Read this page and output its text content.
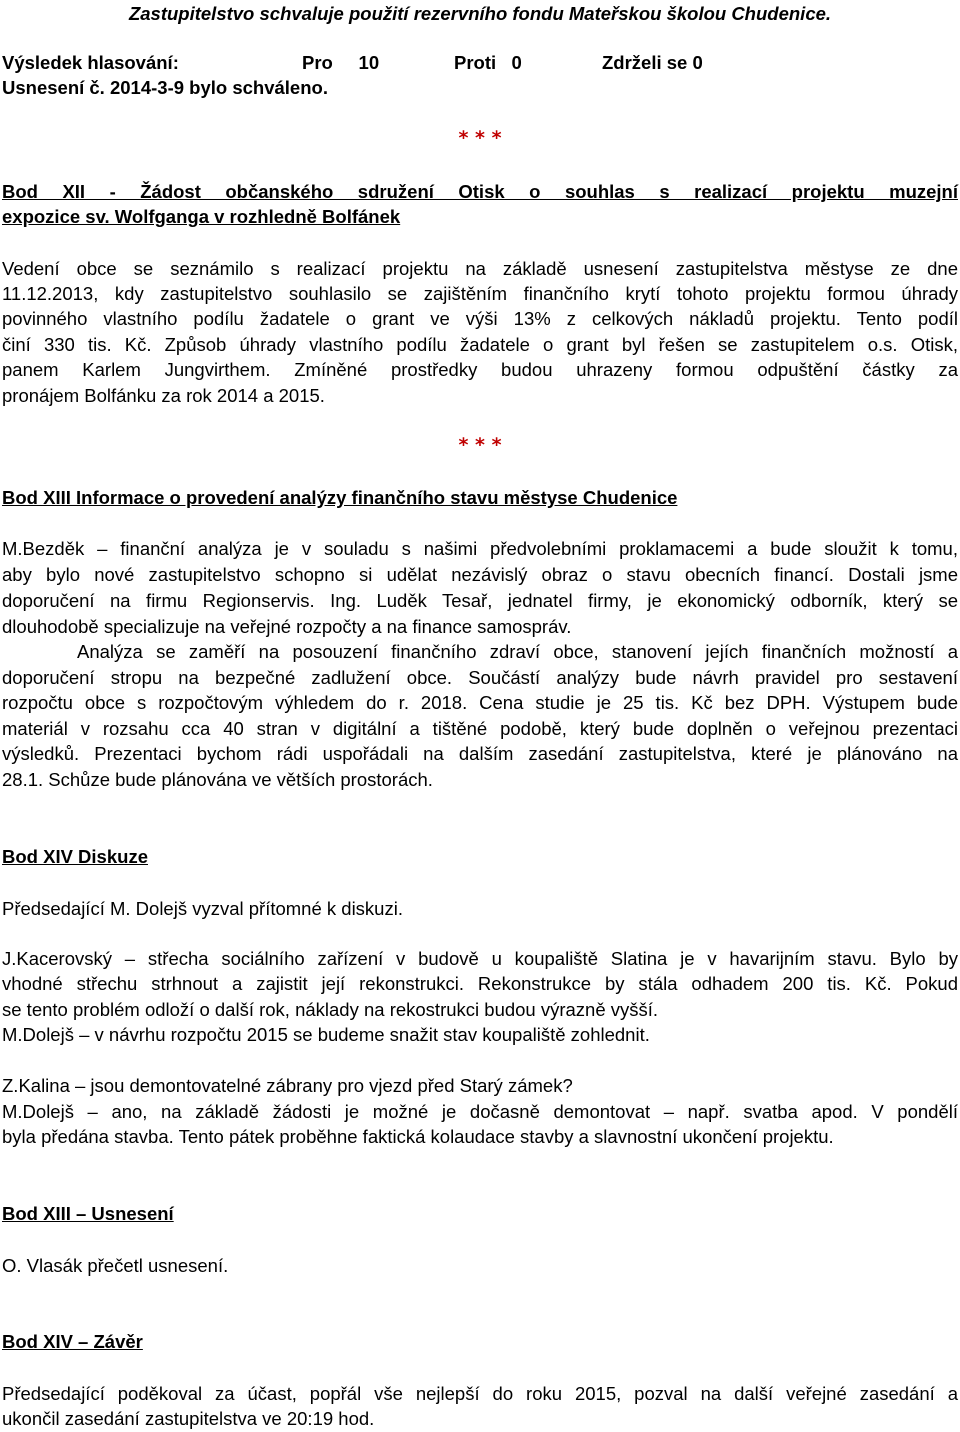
Zastupitelstvo schvaluje použití rezervního fondu Mateřskou školou Chudenice.
Výsledek hlasování:	Pro     10	Proti   0	Zdrželi se 0
Usnesení č. 2014-3-9 bylo schváleno.
* * *
Bod XII - Žádost občanského sdružení Otisk o souhlas s realizací projektu muzejní
expozice sv. Wolfganga v rozhledně Bolfánek
Vedení obce se seznámilo s realizací projektu na základě usnesení zastupitelstva městyse ze dne
11.12.2013, kdy zastupitelstvo souhlasilo se zajištěním finančního krytí tohoto projektu formou úhrady
povinného vlastního podílu žadatele o grant ve výši 13% z celkových nákladů projektu. Tento podíl
činí 330 tis. Kč. Způsob úhrady vlastního podílu žadatele o grant byl řešen se zastupitelem o.s. Otisk,
panem Karlem Jungvirthem. Zmíněné prostředky budou uhrazeny formou odpuštění částky za
pronájem Bolfánku za rok 2014 a 2015.
* * *
Bod XIII Informace o provedení analýzy finančního stavu městyse Chudenice
M.Bezděk – finanční analýza je v souladu s našimi předvolebními proklamacemi a bude sloužit k tomu,
aby bylo nové zastupitelstvo schopno si udělat nezávislý obraz o stavu obecních financí. Dostali jsme
doporučení na firmu Regionservis. Ing. Luděk Tesař, jednatel firmy, je ekonomický odborník, který se
dlouhodobě specializuje na veřejné rozpočty a na finance samospráv.
Analýza se zaměří na posouzení finančního zdraví obce, stanovení jejích finančních možností a
doporučení stropu na bezpečné zadlužení obce. Součástí analýzy bude návrh pravidel pro sestavení
rozpočtu obce s rozpočtovým výhledem do r. 2018. Cena studie je 25 tis. Kč bez DPH. Výstupem bude
materiál v rozsahu cca 40 stran v digitální a tištěné podobě, který bude doplněn o veřejnou prezentaci
výsledků. Prezentaci bychom rádi uspořádali na dalším zasedání zastupitelstva, které je plánováno na
28.1. Schůze bude plánována ve větších prostorách.
Bod XIV Diskuze
Předsedající M. Dolejš vyzval přítomné k diskuzi.
J.Kacerovský – střecha sociálního zařízení v budově u koupaliště Slatina je v havarijním stavu. Bylo by
vhodné střechu strhnout a zajistit její rekonstrukci. Rekonstrukce by stála odhadem 200 tis. Kč. Pokud
se tento problém odloží o další rok, náklady na rekostrukci budou výrazně vyšší.
M.Dolejš – v návrhu rozpočtu 2015 se budeme snažit stav koupaliště zohlednit.
Z.Kalina – jsou demontovatelné zábrany pro vjezd před Starý zámek?
M.Dolejš – ano, na základě žádosti je možné je dočasně demontovat – např. svatba apod. V pondělí
byla předána stavba. Tento pátek proběhne faktická kolaudace stavby a slavnostní ukončení projektu.
Bod XIII – Usnesení
O. Vlasák přečetl usnesení.
Bod XIV – Závěr
Předsedající poděkoval za účast, popřál vše nejlepší do roku 2015, pozval na další veřejné zasedání a
ukončil zasedání zastupitelstva ve 20:19 hod.
